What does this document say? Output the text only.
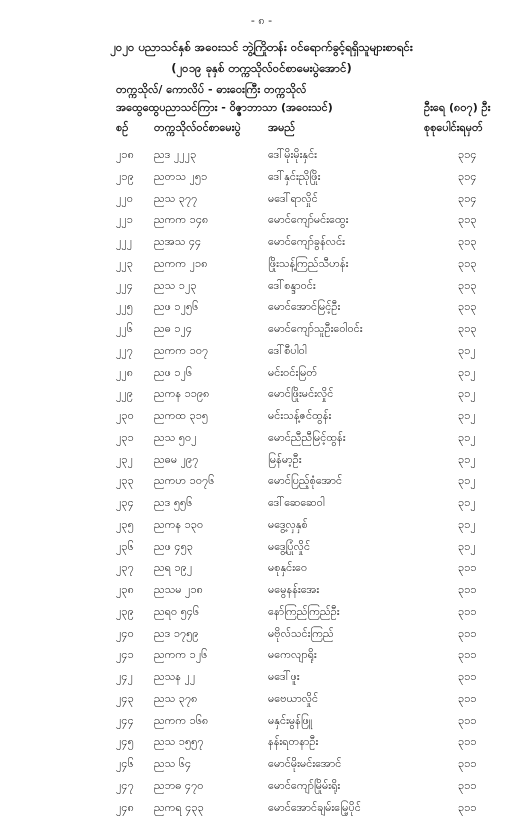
- ၈ -
၂၀၂၀ ပညာသင်နှစ် အဝေးသင် ဘွဲ့ကြိုတန်း ဝင်ရောက်ခွင့်ရရှိသူများစာရင်း
(၂၀၁၉ ခုနှစ် တက္ကသိုလ်ဝင်စာမေးပွဲအောင်)
တက္ကသိုလ်/ ကောလိပ် - ဓားဝေးကြီး တက္ကသိုလ်
အထွေထွေပညာသင်ကြား - ဝိဇ္ဇာဘာသာ (အဝေးသင်)	ဦးရေ (၈၀၇) ဦး
စဉ် တက္ကသိုလ်ဝင်စာမေးပွဲ အမည်	စုစုပေါင်းရမှတ်
၂၁၈ ညဒ ၂၂၂၃	ဒေါ်မိုးမိုးနှင်း	၃၁၄
၂၁၉ ညတသ ၂၅၁	ဒေါ်နှင်းညိုဖြိုး	၃၁၄
၂၂၀ ညသ ၃၇၇	မဒေါ်ရာလှိုင်	၃၁၄
၂၂၁ ညကက ၁၄၈	မောင်ကျော်မင်းထွေး	၃၁၃
၂၂၂ ညအသ ၄၄	မောင်ကျော်ခွန်လင်း	၃၁၃
၂၂၃ ညကက ၂၁၈	ဖြိုးသန့်ကြည်သီဟန်း	၃၁၃
၂၂၄ ညသ ၁၂၃	ဒေါ်စန္ဒာဝင်း	၃၁၃
၂၂၅ ညဖ ၁၂၅၆	မောင်အောင်မြင့်ဦး	၃၁၃
၂၂၆ ညဓ ၁၂၄	မောင်ကျော်သူဦးဝေါဝင်း	၃၁၃
၂၂၇ ညကက ၁၀၇	ဒေါ်စီပါဝါ	၃၁၂
၂၂၈ ညဖ ၁၂၆	မင်းဝင်းမြတ်	၃၁၂
၂၂၉ ညကန ၁၁၉၈	မောင်ဖြိုးမင်းလှိုင်	၃၁၂
၂၃၀ ညကထ ၃၁၅	မင်းသန့်ဇင်ထွန်း	၃၁၂
၂၃၁ ညသ ၅၀၂	မောင်ညီညီမြင့်ထွန်း	၃၁၂
၂၃၂ ညဓမ ၂၉၇	မြန်မာ့ဦး	၃၁၂
၂၃၃ ညကဟ ၁၀၇၆	မောင်ပြည့်စုံအောင်	၃၁၂
၂၃၄ ညဒ ၅၅၆	ဒေါ်ဆေဆေဝါ	၃၁၂
၂၃၅ ညကန ၁၃၀	မဒွေ့လှနှစ်	၃၁၂
၂၃၆ ညဖ ၄၅၃	မဒွေ့ပြုံလှိုင်	၃၁၂
၂၃၇ ညရ ၁၉၂	မစုနှင်းဝေ	၃၁၁
၂၃၈ ညသမ ၂၁၈	မမွေနန်းအေး	၃၁၁
၂၃၉ ညရဝ ၅၄၆	နော်ကြည်ကြည်ဦး	၃၁၁
၂၄၀ ညဒ ၁၇၅၉	မဗိုလ်သင်းကြည်	၃၁၁
၂၄၁ ညကက ၁၂၆	မကေလျာရိုး	၃၁၁
၂၄၂ ညသန ၂၂	မဒေါ်ဖူး	၃၁၁
၂၄၃ ညသ ၃၇၈	မဗေယာလှိုင်	၃၁၁
၂၄၄ ညကက ၁၆၈	မနှင်းမွန်ဖြူ	၃၁၁
၂၄၅ ညသ ၁၅၅၇	နန်းရတနာဦး	၃၁၁
၂၄၆ ညသ ၆၄	မောင်မိုးမင်းအောင်	၃၁၁
၂၄၇ ညဘဓ ၄၇၀	မောင်ကျော်မြိုမ်းရိုး	၃၁၁
၂၄၈ ညကရ ၄၃၃	မောင်အောင်ချမ်းမြေ့ပိုင်	၃၁၁
